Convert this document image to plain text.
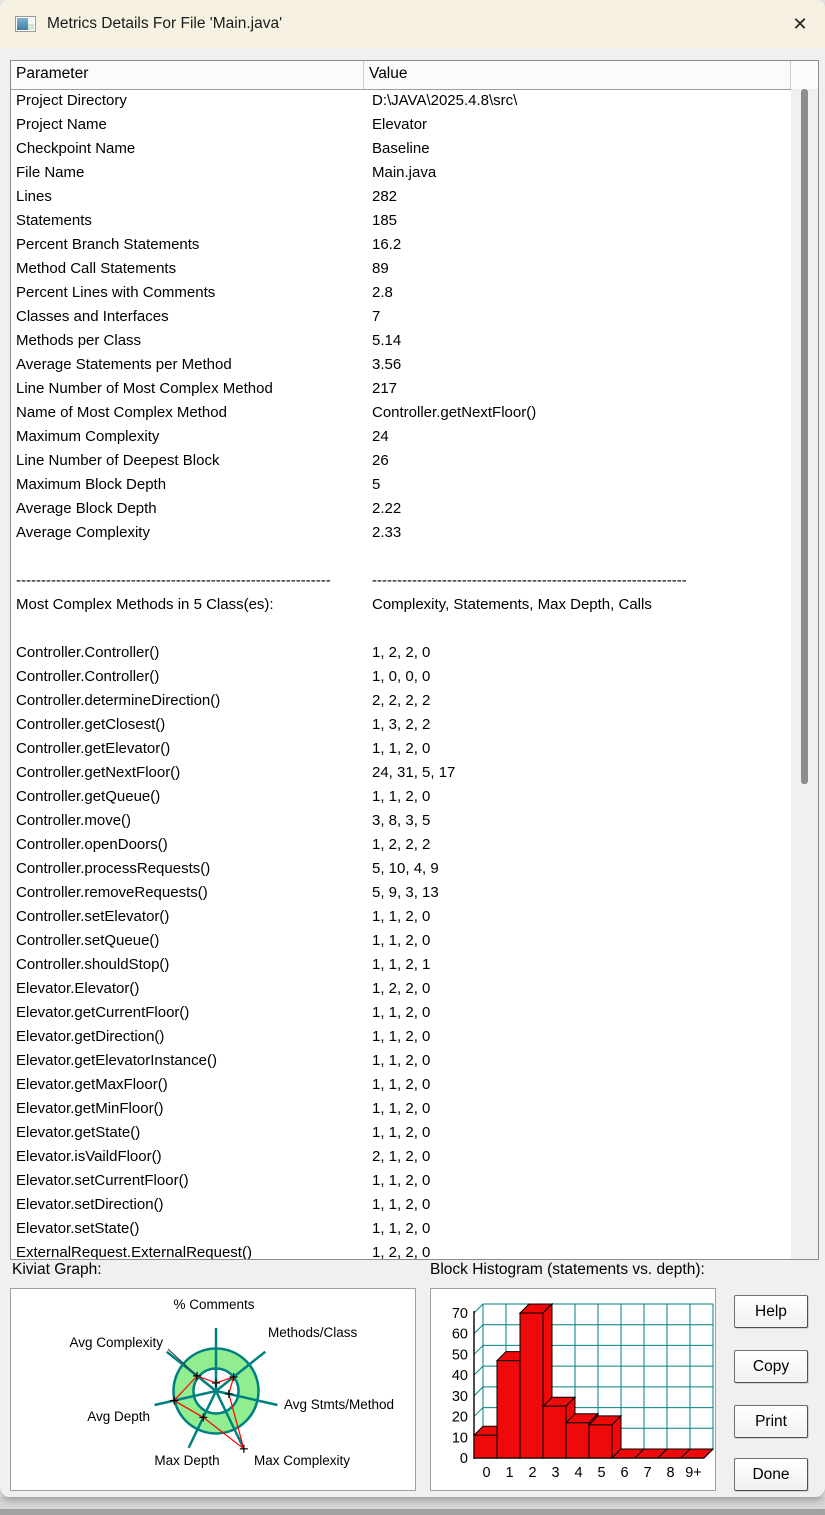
Metrics Details For File 'Main.java'	✕
Parameter	Value
Project Directory	D:\JAVA\2025.4.8\src\
Project Name	Elevator
Checkpoint Name	Baseline
File Name	Main.java
Lines	282
Statements	185
Percent Branch Statements	16.2
Method Call Statements	89
Percent Lines with Comments	2.8
Classes and Interfaces	7
Methods per Class	5.14
Average Statements per Method	3.56
Line Number of Most Complex Method	217
Name of Most Complex Method	Controller.getNextFloor()
Maximum Complexity	24
Line Number of Deepest Block	26
Maximum Block Depth	5
Average Block Depth	2.22
Average Complexity	2.33
---------------------------------------------------------------	---------------------------------------------------------------
Most Complex Methods in 5 Class(es):	Complexity, Statements, Max Depth, Calls
Controller.Controller()	1, 2, 2, 0
Controller.Controller()	1, 0, 0, 0
Controller.determineDirection()	2, 2, 2, 2
Controller.getClosest()	1, 3, 2, 2
Controller.getElevator()	1, 1, 2, 0
Controller.getNextFloor()	24, 31, 5, 17
Controller.getQueue()	1, 1, 2, 0
Controller.move()	3, 8, 3, 5
Controller.openDoors()	1, 2, 2, 2
Controller.processRequests()	5, 10, 4, 9
Controller.removeRequests()	5, 9, 3, 13
Controller.setElevator()	1, 1, 2, 0
Controller.setQueue()	1, 1, 2, 0
Controller.shouldStop()	1, 1, 2, 1
Elevator.Elevator()	1, 2, 2, 0
Elevator.getCurrentFloor()	1, 1, 2, 0
Elevator.getDirection()	1, 1, 2, 0
Elevator.getElevatorInstance()	1, 1, 2, 0
Elevator.getMaxFloor()	1, 1, 2, 0
Elevator.getMinFloor()	1, 1, 2, 0
Elevator.getState()	1, 1, 2, 0
Elevator.isVaildFloor()	2, 1, 2, 0
Elevator.setCurrentFloor()	1, 1, 2, 0
Elevator.setDirection()	1, 1, 2, 0
Elevator.setState()	1, 1, 2, 0
ExternalRequest.ExternalRequest()	1, 2, 2, 0
Kiviat Graph:	Block Histogram (statements vs. depth):
% Comments
Methods/Class
Avg Stmts/Method
Max Complexity
Max Depth
Avg Depth
Avg Complexity
0
10
20
30
40
50
60
70
0 1 2 3 4 5 6 7 8 9+
Help
Copy
Print
Done
